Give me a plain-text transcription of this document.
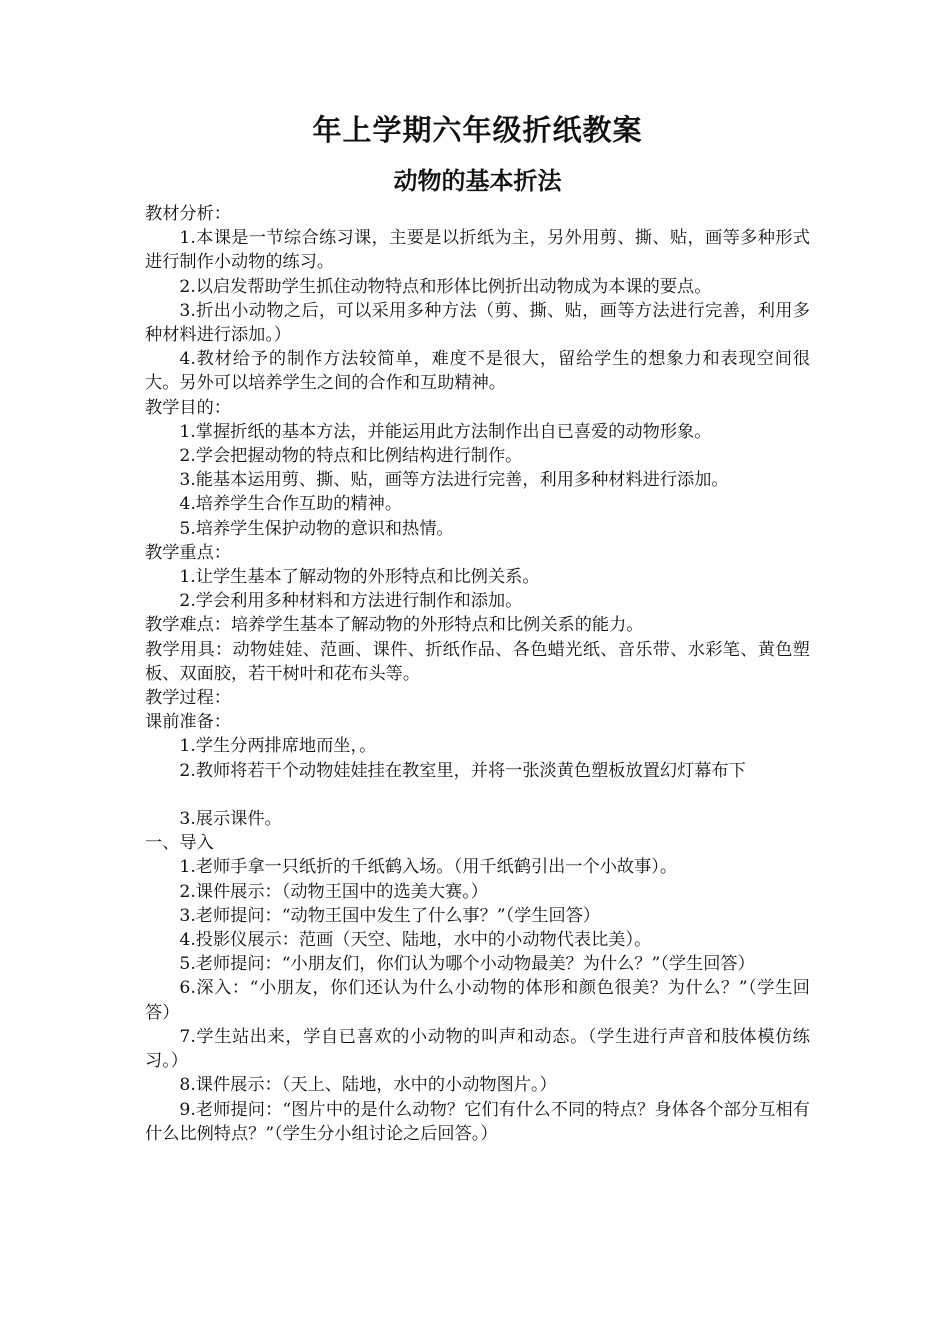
年上学期六年级折纸教案
动物的基本折法

教材分析：

1.本课是一节综合练习课，主要是以折纸为主，另外用剪、撕、贴，画等多种形式进行制作小动物的练习。

2.以启发帮助学生抓住动物特点和形体比例折出动物成为本课的要点。

3.折出小动物之后，可以采用多种方法（剪、撕、贴，画等方法进行完善，利用多种材料进行添加。）

4.教材给予的制作方法较简单，难度不是很大，留给学生的想象力和表现空间很大。另外可以培养学生之间的合作和互助精神。

教学目的：

1.掌握折纸的基本方法，并能运用此方法制作出自已喜爱的动物形象。

2.学会把握动物的特点和比例结构进行制作。

3.能基本运用剪、撕、贴，画等方法进行完善，利用多种材料进行添加。

4.培养学生合作互助的精神。

5.培养学生保护动物的意识和热情。

教学重点：

1.让学生基本了解动物的外形特点和比例关系。

2.学会利用多种材料和方法进行制作和添加。

教学难点：培养学生基本了解动物的外形特点和比例关系的能力。

教学用具：动物娃娃、范画、课件、折纸作品、各色蜡光纸、音乐带、水彩笔、黄色塑板、双面胶，若干树叶和花布头等。

教学过程：

课前准备：

1.学生分两排席地而坐，。

2.教师将若干个动物娃娃挂在教室里，并将一张淡黄色塑板放置幻灯幕布下

3.展示课件。

一、导入

1.老师手拿一只纸折的千纸鹤入场。（用千纸鹤引出一个小故事）。

2.课件展示：（动物王国中的选美大赛。）

3.老师提问：“动物王国中发生了什么事？”（学生回答）

4.投影仪展示：范画（天空、陆地，水中的小动物代表比美）。

5.老师提问：“小朋友们，你们认为哪个小动物最美？为什么？”（学生回答）

6.深入：“小朋友，你们还认为什么小动物的体形和颜色很美？为什么？”（学生回答）

7.学生站出来，学自已喜欢的小动物的叫声和动态。（学生进行声音和肢体模仿练习。）

8.课件展示：（天上、陆地，水中的小动物图片。）

9.老师提问：“图片中的是什么动物？它们有什么不同的特点？身体各个部分互相有什么比例特点？”（学生分小组讨论之后回答。）
